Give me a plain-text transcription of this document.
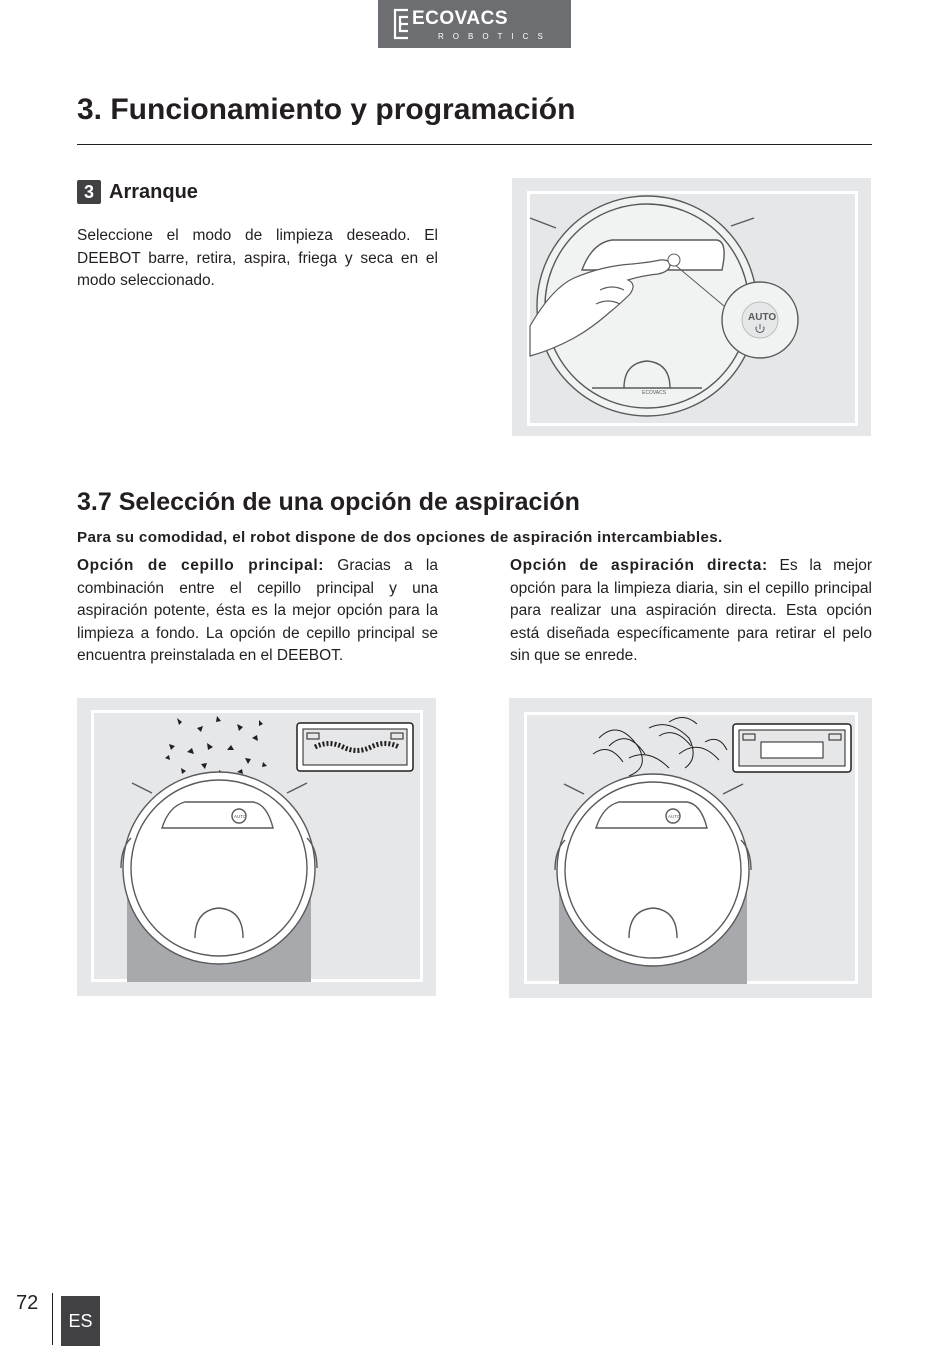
ECOVACS
ROBOTICS
3. Funcionamiento y programación
3 Arranque

Seleccione el modo de limpieza deseado. El DEEBOT barre, retira, aspira, friega y seca en el modo seleccionado.

ECOVACS
AUTO
3.7 Selección de una opción de aspiración

Para su comodidad, el robot dispone de dos opciones de aspiración intercambiables.

Opción de cepillo principal: Gracias a la combinación entre el cepillo principal y una aspiración potente, ésta es la mejor opción para la limpieza a fondo. La opción de cepillo principal se encuentra preinstalada en el DEEBOT.

Opción de aspiración directa: Es la mejor opción para la limpieza diaria, sin el cepillo principal para realizar una aspiración directa. Esta opción está diseñada específicamente para retirar el pelo sin que se enrede.

AUTO	AUTO
72
ES
